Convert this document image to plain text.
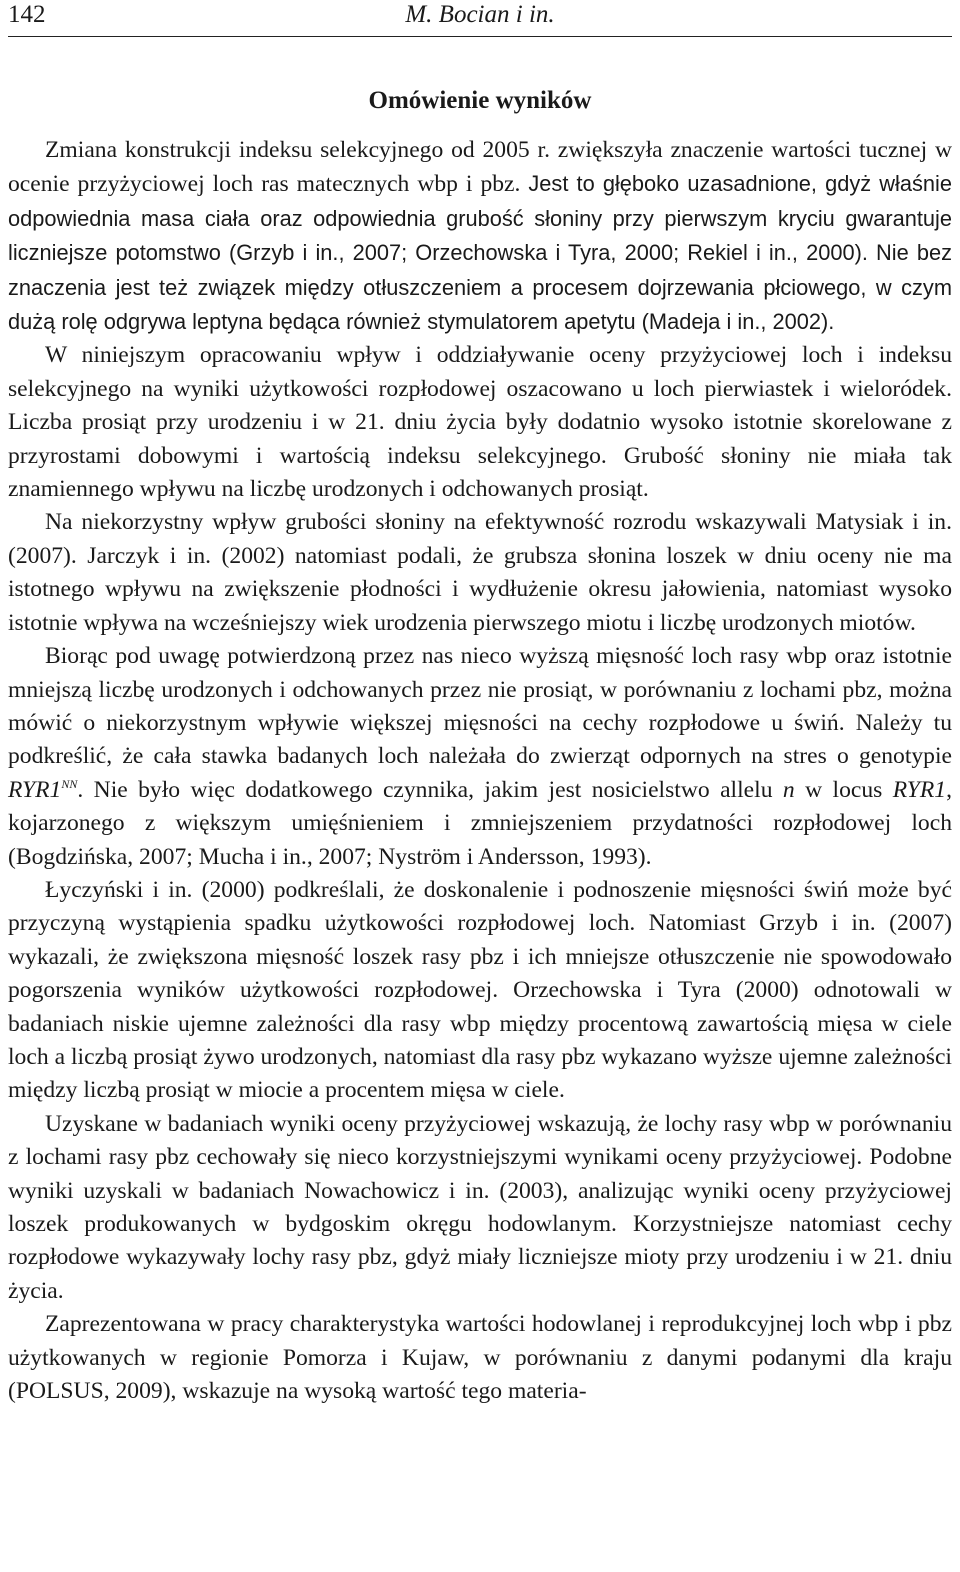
142	M. Bocian i in.
Omówienie wyników

Zmiana konstrukcji indeksu selekcyjnego od 2005 r. zwiększyła znaczenie wartości tucznej w ocenie przyżyciowej loch ras matecznych wbp i pbz. Jest to głęboko uzasadnione, gdyż właśnie odpowiednia masa ciała oraz odpowiednia grubość słoniny przy pierwszym kryciu gwarantuje liczniejsze potomstwo (Grzyb i in., 2007; Orzechowska i Tyra, 2000; Rekiel i in., 2000). Nie bez znaczenia jest też związek między otłuszczeniem a procesem dojrzewania płciowego, w czym dużą rolę odgrywa leptyna będąca również stymulatorem apetytu (Madeja i in., 2002).

W niniejszym opracowaniu wpływ i oddziaływanie oceny przyżyciowej loch i indeksu selekcyjnego na wyniki użytkowości rozpłodowej oszacowano u loch pierwiastek i wieloródek. Liczba prosiąt przy urodzeniu i w 21. dniu życia były dodatnio wysoko istotnie skorelowane z przyrostami dobowymi i wartością indeksu selekcyjnego. Grubość słoniny nie miała tak znamiennego wpływu na liczbę urodzonych i odchowanych prosiąt.

Na niekorzystny wpływ grubości słoniny na efektywność rozrodu wskazywali Matysiak i in. (2007). Jarczyk i in. (2002) natomiast podali, że grubsza słonina loszek w dniu oceny nie ma istotnego wpływu na zwiększenie płodności i wydłużenie okresu jałowienia, natomiast wysoko istotnie wpływa na wcześniejszy wiek urodzenia pierwszego miotu i liczbę urodzonych miotów.

Biorąc pod uwagę potwierdzoną przez nas nieco wyższą mięsność loch rasy wbp oraz istotnie mniejszą liczbę urodzonych i odchowanych przez nie prosiąt, w porównaniu z lochami pbz, można mówić o niekorzystnym wpływie większej mięsności na cechy rozpłodowe u świń. Należy tu podkreślić, że cała stawka badanych loch należała do zwierząt odpornych na stres o genotypie $RYR1^{NN}$. Nie było więc dodatkowego czynnika, jakim jest nosicielstwo allelu n w locus RYR1, kojarzonego z większym umięśnieniem i zmniejszeniem przydatności rozpłodowej loch (Bogdzińska, 2007; Mucha i in., 2007; Nyström i Andersson, 1993).

Łyczyński i in. (2000) podkreślali, że doskonalenie i podnoszenie mięsności świń może być przyczyną wystąpienia spadku użytkowości rozpłodowej loch. Natomiast Grzyb i in. (2007) wykazali, że zwiększona mięsność loszek rasy pbz i ich mniejsze otłuszczenie nie spowodowało pogorszenia wyników użytkowości rozpłodowej. Orzechowska i Tyra (2000) odnotowali w badaniach niskie ujemne zależności dla rasy wbp między procentową zawartością mięsa w ciele loch a liczbą prosiąt żywo urodzonych, natomiast dla rasy pbz wykazano wyższe ujemne zależności między liczbą prosiąt w miocie a procentem mięsa w ciele.

Uzyskane w badaniach wyniki oceny przyżyciowej wskazują, że lochy rasy wbp w porównaniu z lochami rasy pbz cechowały się nieco korzystniejszymi wynikami oceny przyżyciowej. Podobne wyniki uzyskali w badaniach Nowachowicz i in. (2003), analizując wyniki oceny przyżyciowej loszek produkowanych w bydgoskim okręgu hodowlanym. Korzystniejsze natomiast cechy rozpłodowe wykazywały lochy rasy pbz, gdyż miały liczniejsze mioty przy urodzeniu i w 21. dniu życia.

Zaprezentowana w pracy charakterystyka wartości hodowlanej i reprodukcyjnej loch wbp i pbz użytkowanych w regionie Pomorza i Kujaw, w porównaniu z danymi podanymi dla kraju (POLSUS, 2009), wskazuje na wysoką wartość tego materia-
